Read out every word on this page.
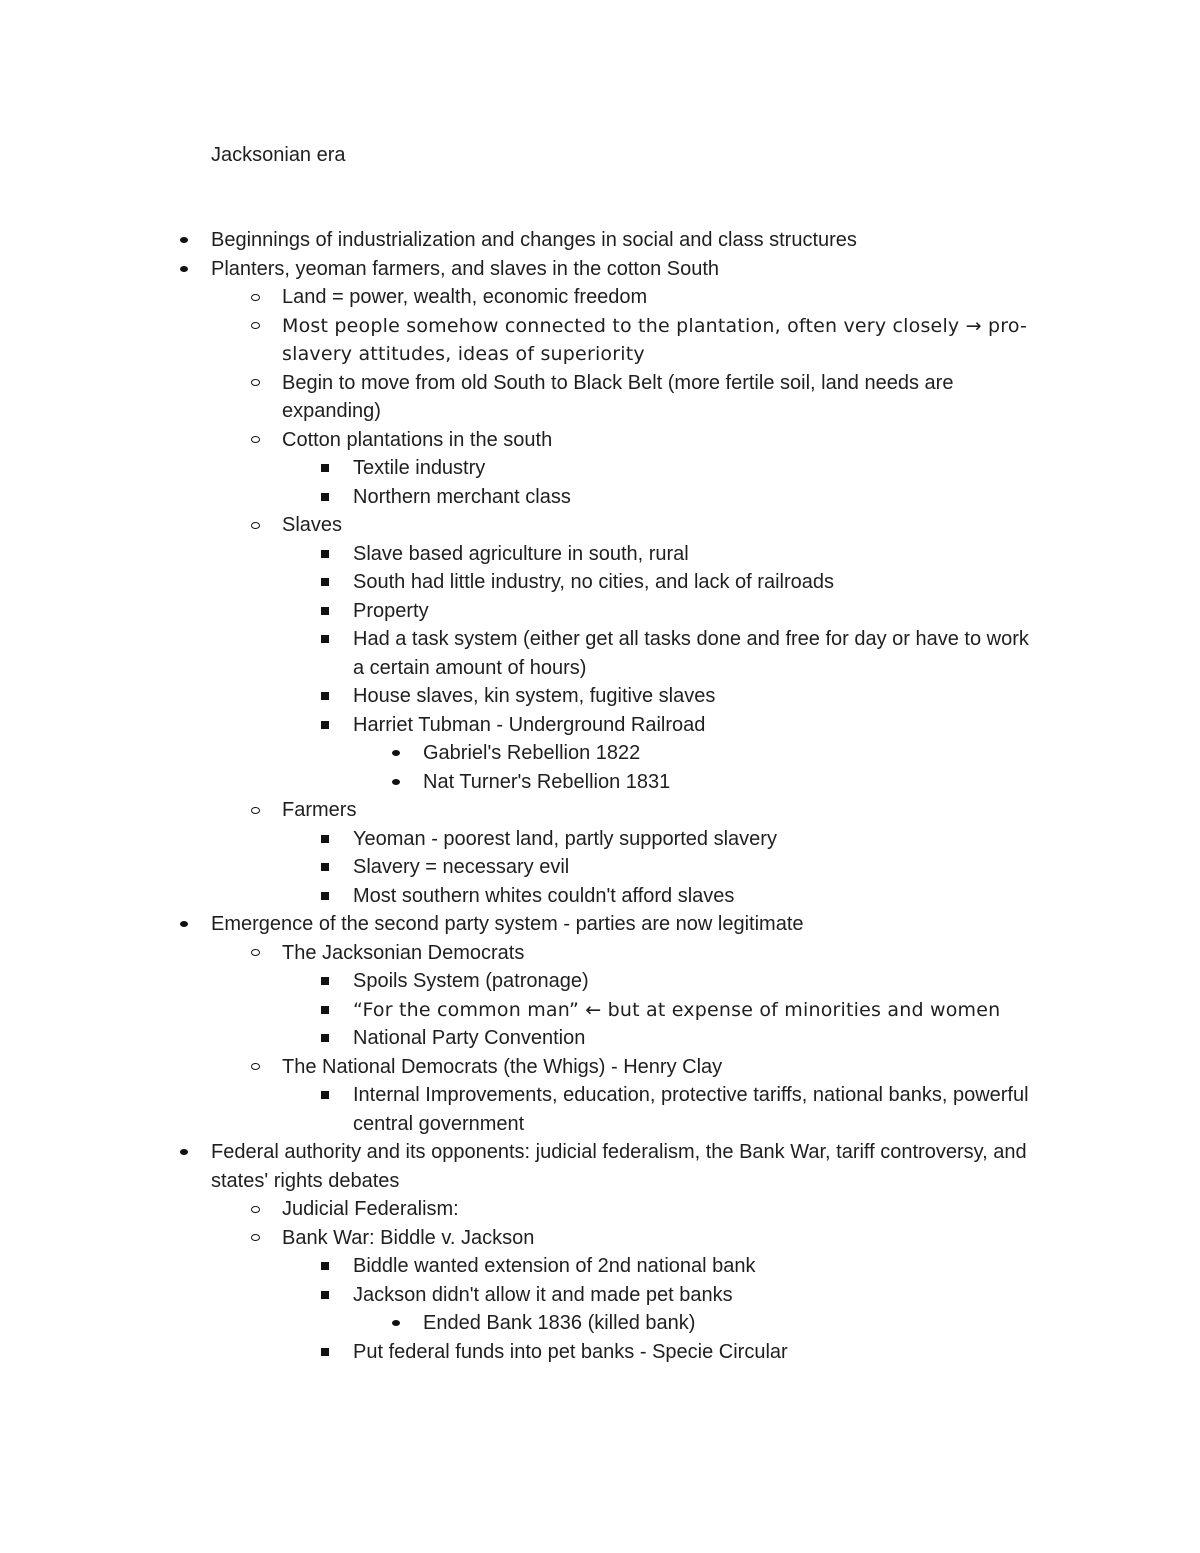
Jacksonian era
Beginnings of industrialization and changes in social and class structures
Planters, yeoman farmers, and slaves in the cotton South
Land = power, wealth, economic freedom
Most people somehow connected to the plantation, often very closely → pro-slavery attitudes, ideas of superiority
Begin to move from old South to Black Belt (more fertile soil, land needs are expanding)
Cotton plantations in the south
Textile industry
Northern merchant class
Slaves
Slave based agriculture in south, rural
South had little industry, no cities, and lack of railroads
Property
Had a task system (either get all tasks done and free for day or have to work a certain amount of hours)
House slaves, kin system, fugitive slaves
Harriet Tubman - Underground Railroad
Gabriel's Rebellion 1822
Nat Turner's Rebellion 1831
Farmers
Yeoman - poorest land, partly supported slavery
Slavery = necessary evil
Most southern whites couldn't afford slaves
Emergence of the second party system - parties are now legitimate
The Jacksonian Democrats
Spoils System (patronage)
“For the common man” ← but at expense of minorities and women
National Party Convention
The National Democrats (the Whigs) - Henry Clay
Internal Improvements, education, protective tariffs, national banks, powerful central government
Federal authority and its opponents: judicial federalism, the Bank War, tariff controversy, and states' rights debates
Judicial Federalism:
Bank War: Biddle v. Jackson
Biddle wanted extension of 2nd national bank
Jackson didn't allow it and made pet banks
Ended Bank 1836 (killed bank)
Put federal funds into pet banks - Specie Circular
